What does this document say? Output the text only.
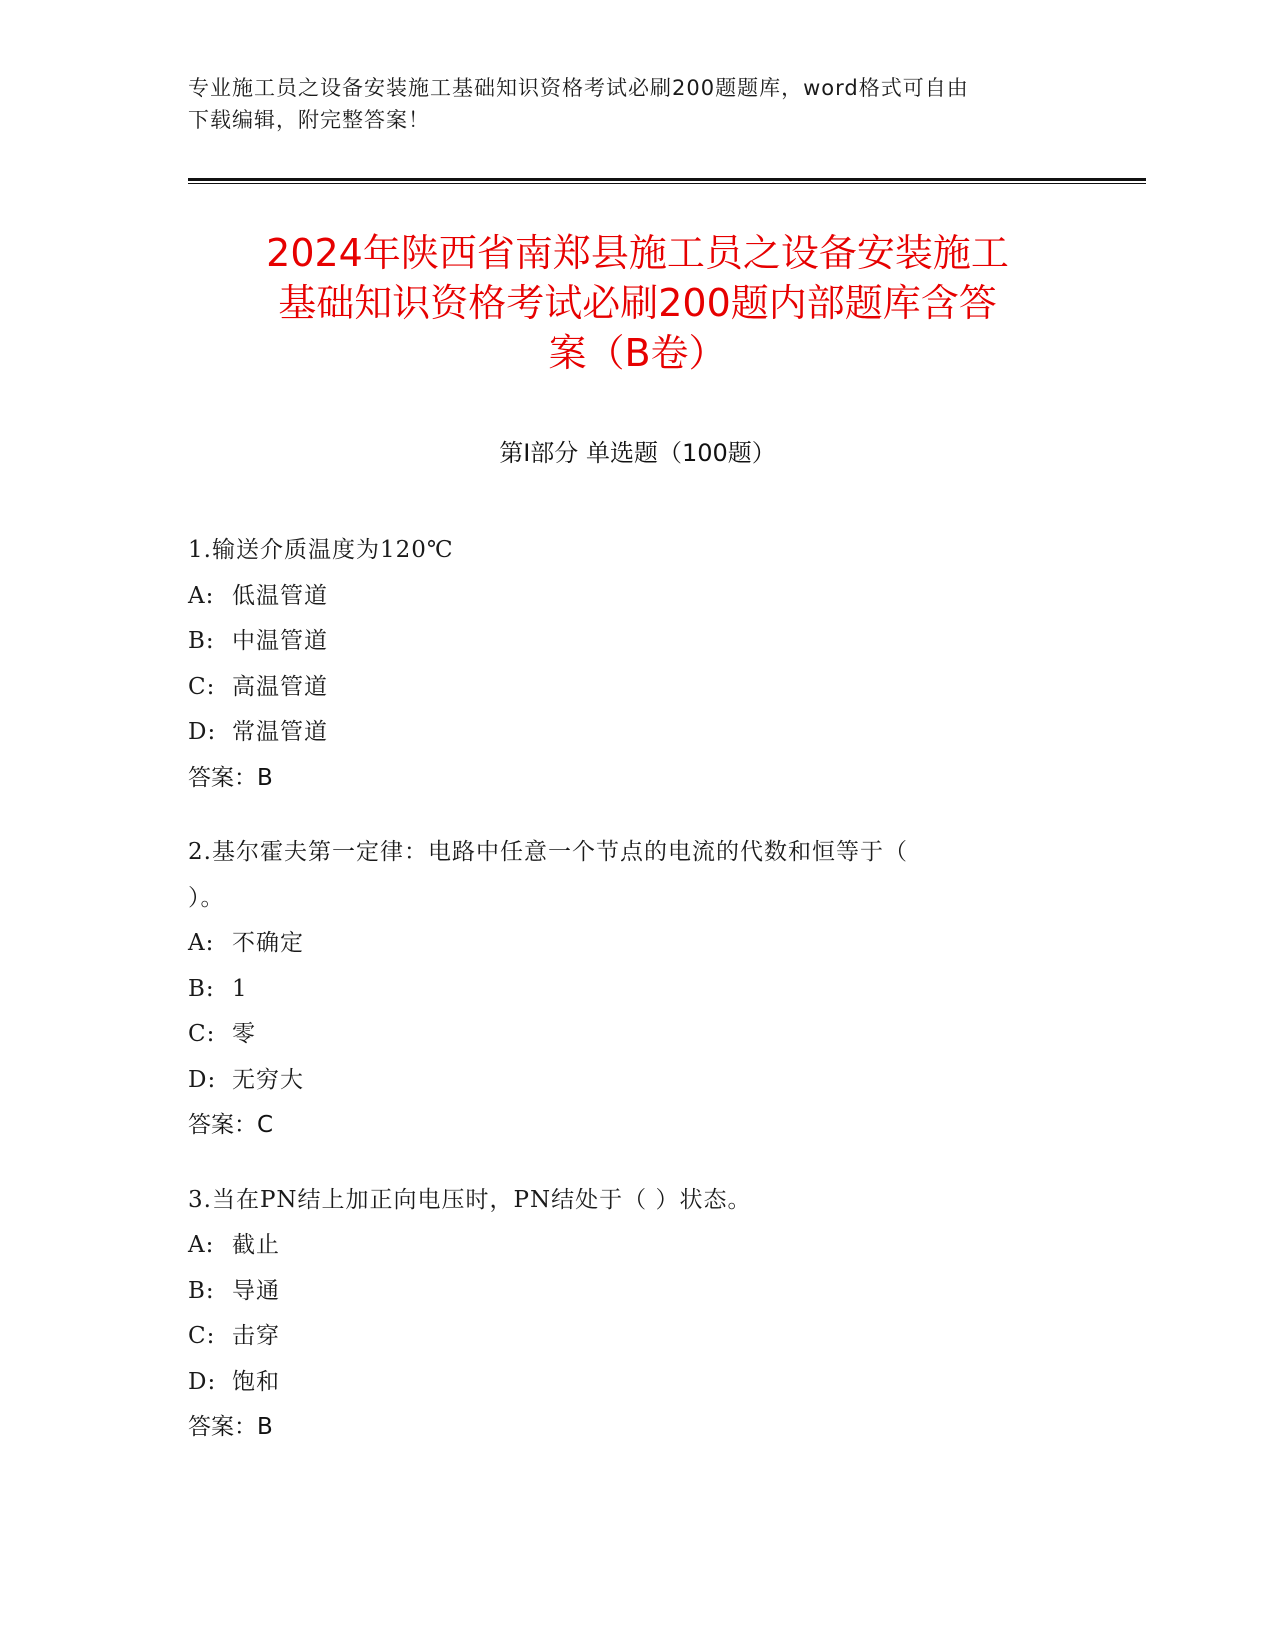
专业施工员之设备安装施工基础知识资格考试必刷200题题库，word格式可自由
下载编辑，附完整答案！
2024年陕西省南郑县施工员之设备安装施工
基础知识资格考试必刷200题内部题库含答
案（B卷）
第I部分 单选题（100题）
1.输送介质温度为120℃
A: 低温管道
B: 中温管道
C: 高温管道
D: 常温管道
答案：B
2.基尔霍夫第一定律：电路中任意一个节点的电流的代数和恒等于（
）。
A: 不确定
B: 1
C: 零
D: 无穷大
答案：C
3.当在PN结上加正向电压时，PN结处于（ ）状态。
A: 截止
B: 导通
C: 击穿
D: 饱和
答案：B
